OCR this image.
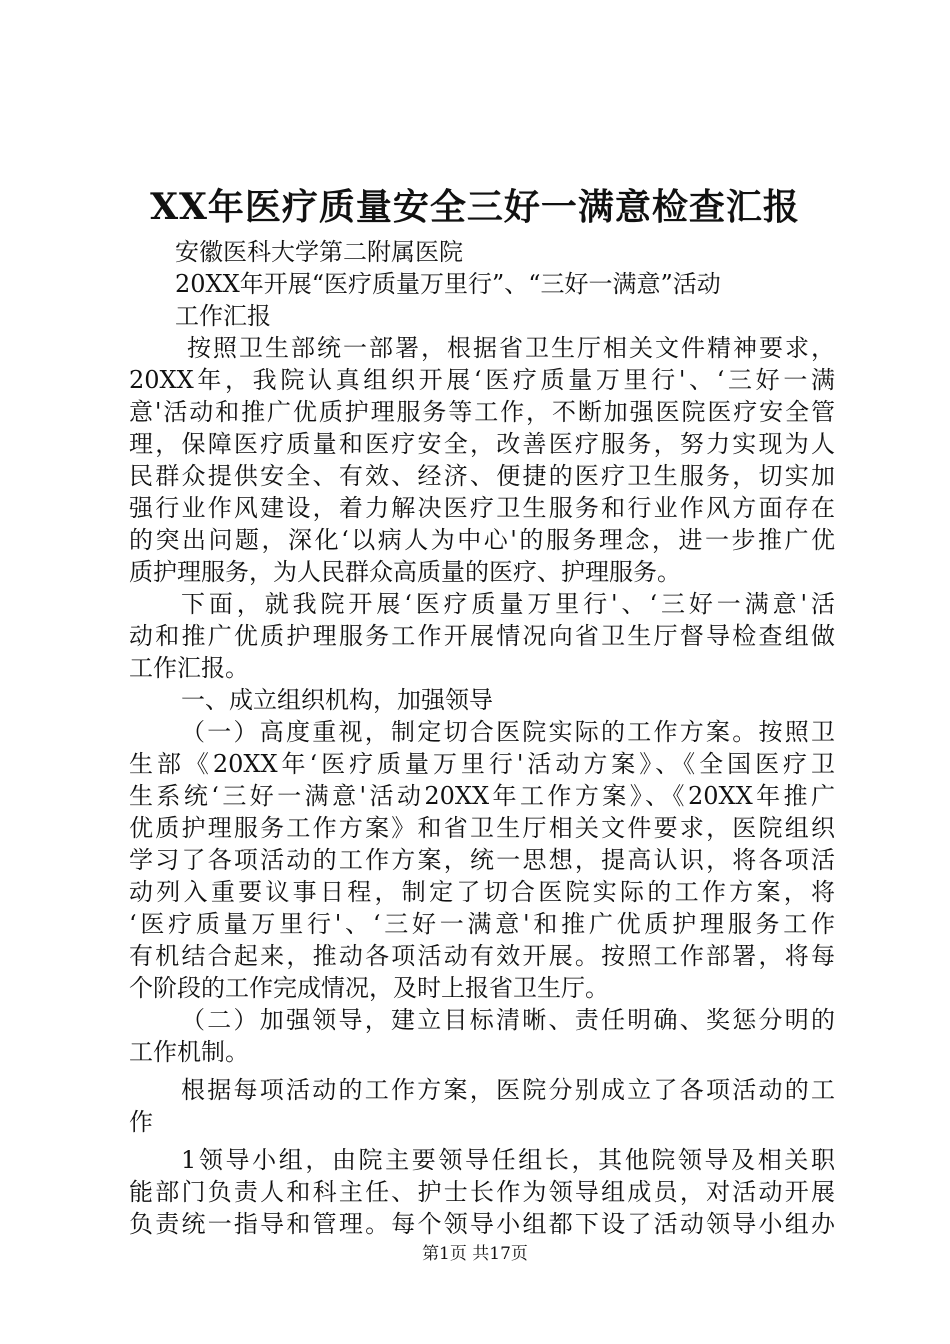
XX年医疗质量安全三好一满意检查汇报
安徽医科大学第二附属医院
20XX年开展“医疗质量万里行”、“三好一满意”活动
工作汇报
按照卫生部统一部署，根据省卫生厅相关文件精神要求，
20XX年，我院认真组织开展‘医疗质量万里行'、‘三好一满
意'活动和推广优质护理服务等工作，不断加强医院医疗安全管
理，保障医疗质量和医疗安全，改善医疗服务，努力实现为人
民群众提供安全、有效、经济、便捷的医疗卫生服务，切实加
强行业作风建设，着力解决医疗卫生服务和行业作风方面存在
的突出问题，深化‘以病人为中心'的服务理念，进一步推广优
质护理服务，为人民群众高质量的医疗、护理服务。
下面，就我院开展‘医疗质量万里行'、‘三好一满意'活
动和推广优质护理服务工作开展情况向省卫生厅督导检查组做
工作汇报。
一、成立组织机构，加强领导
（一）高度重视，制定切合医院实际的工作方案。按照卫
生部《20XX年‘医疗质量万里行'活动方案》、《全国医疗卫
生系统‘三好一满意'活动20XX年工作方案》、《20XX年推广
优质护理服务工作方案》和省卫生厅相关文件要求，医院组织
学习了各项活动的工作方案，统一思想，提高认识，将各项活
动列入重要议事日程，制定了切合医院实际的工作方案，将
‘医疗质量万里行'、‘三好一满意'和推广优质护理服务工作
有机结合起来，推动各项活动有效开展。按照工作部署，将每
个阶段的工作完成情况，及时上报省卫生厅。
（二）加强领导，建立目标清晰、责任明确、奖惩分明的
工作机制。
根据每项活动的工作方案，医院分别成立了各项活动的工
作
1领导小组，由院主要领导任组长，其他院领导及相关职
能部门负责人和科主任、护士长作为领导组成员，对活动开展
负责统一指导和管理。每个领导小组都下设了活动领导小组办
第1页 共17页
